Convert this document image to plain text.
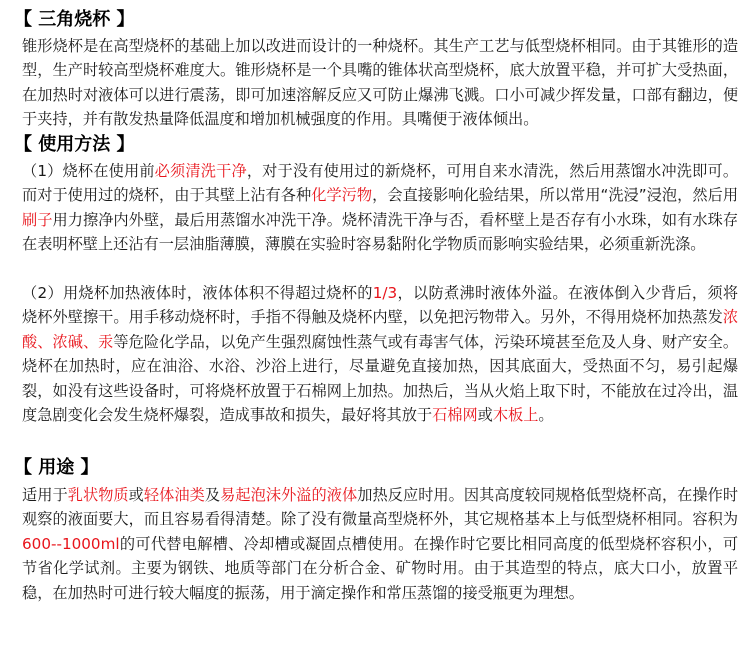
【 三角烧杯 】

锥形烧杯是在高型烧杯的基础上加以改进而设计的一种烧杯。其生产工艺与低型烧杯相同。由于其锥形的造型，生产时较高型烧杯难度大。锥形烧杯是一个具嘴的锥体状高型烧杯，底大放置平稳，并可扩大受热面，在加热时对液体可以进行震荡，即可加速溶解反应又可防止爆沸飞溅。口小可减少挥发量，口部有翻边，便于夹持，并有散发热量降低温度和增加机械强度的作用。具嘴便于液体倾出。

【 使用方法 】

（1）烧杯在使用前必须清洗干净，对于没有使用过的新烧杯，可用自来水清洗，然后用蒸馏水冲洗即可。而对于使用过的烧杯，由于其壁上沾有各种化学污物，会直接影响化验结果，所以常用“洗浸”浸泡，然后用刷子用力擦净内外壁，最后用蒸馏水冲洗干净。烧杯清洗干净与否，看杯壁上是否存有小水珠，如有水珠存在表明杯壁上还沾有一层油脂薄膜，薄膜在实验时容易黏附化学物质而影响实验结果，必须重新洗涤。

（2）用烧杯加热液体时，液体体积不得超过烧杯的1/3，以防煮沸时液体外溢。在液体倒入少背后，须将烧杯外壁擦干。用手移动烧杯时，手指不得触及烧杯内壁，以免把污物带入。另外，不得用烧杯加热蒸发浓酸、浓碱、汞等危险化学品，以免产生强烈腐蚀性蒸气或有毒害气体，污染环境甚至危及人身、财产安全。烧杯在加热时，应在油浴、水浴、沙浴上进行，尽量避免直接加热，因其底面大，受热面不匀，易引起爆裂，如没有这些设备时，可将烧杯放置于石棉网上加热。加热后，当从火焰上取下时，不能放在过冷出，温度急剧变化会发生烧杯爆裂，造成事故和损失，最好将其放于石棉网或木板上。

【 用途 】

适用于乳状物质或轻体油类及易起泡沫外溢的液体加热反应时用。因其高度较同规格低型烧杯高，在操作时观察的液面要大，而且容易看得清楚。除了没有微量高型烧杯外，其它规格基本上与低型烧杯相同。容积为600--1000ml的可代替电解槽、冷却槽或凝固点槽使用。在操作时它要比相同高度的低型烧杯容积小，可节省化学试剂。主要为钢铁、地质等部门在分析合金、矿物时用。由于其造型的特点，底大口小，放置平稳，在加热时可进行较大幅度的振荡，用于滴定操作和常压蒸馏的接受瓶更为理想。
